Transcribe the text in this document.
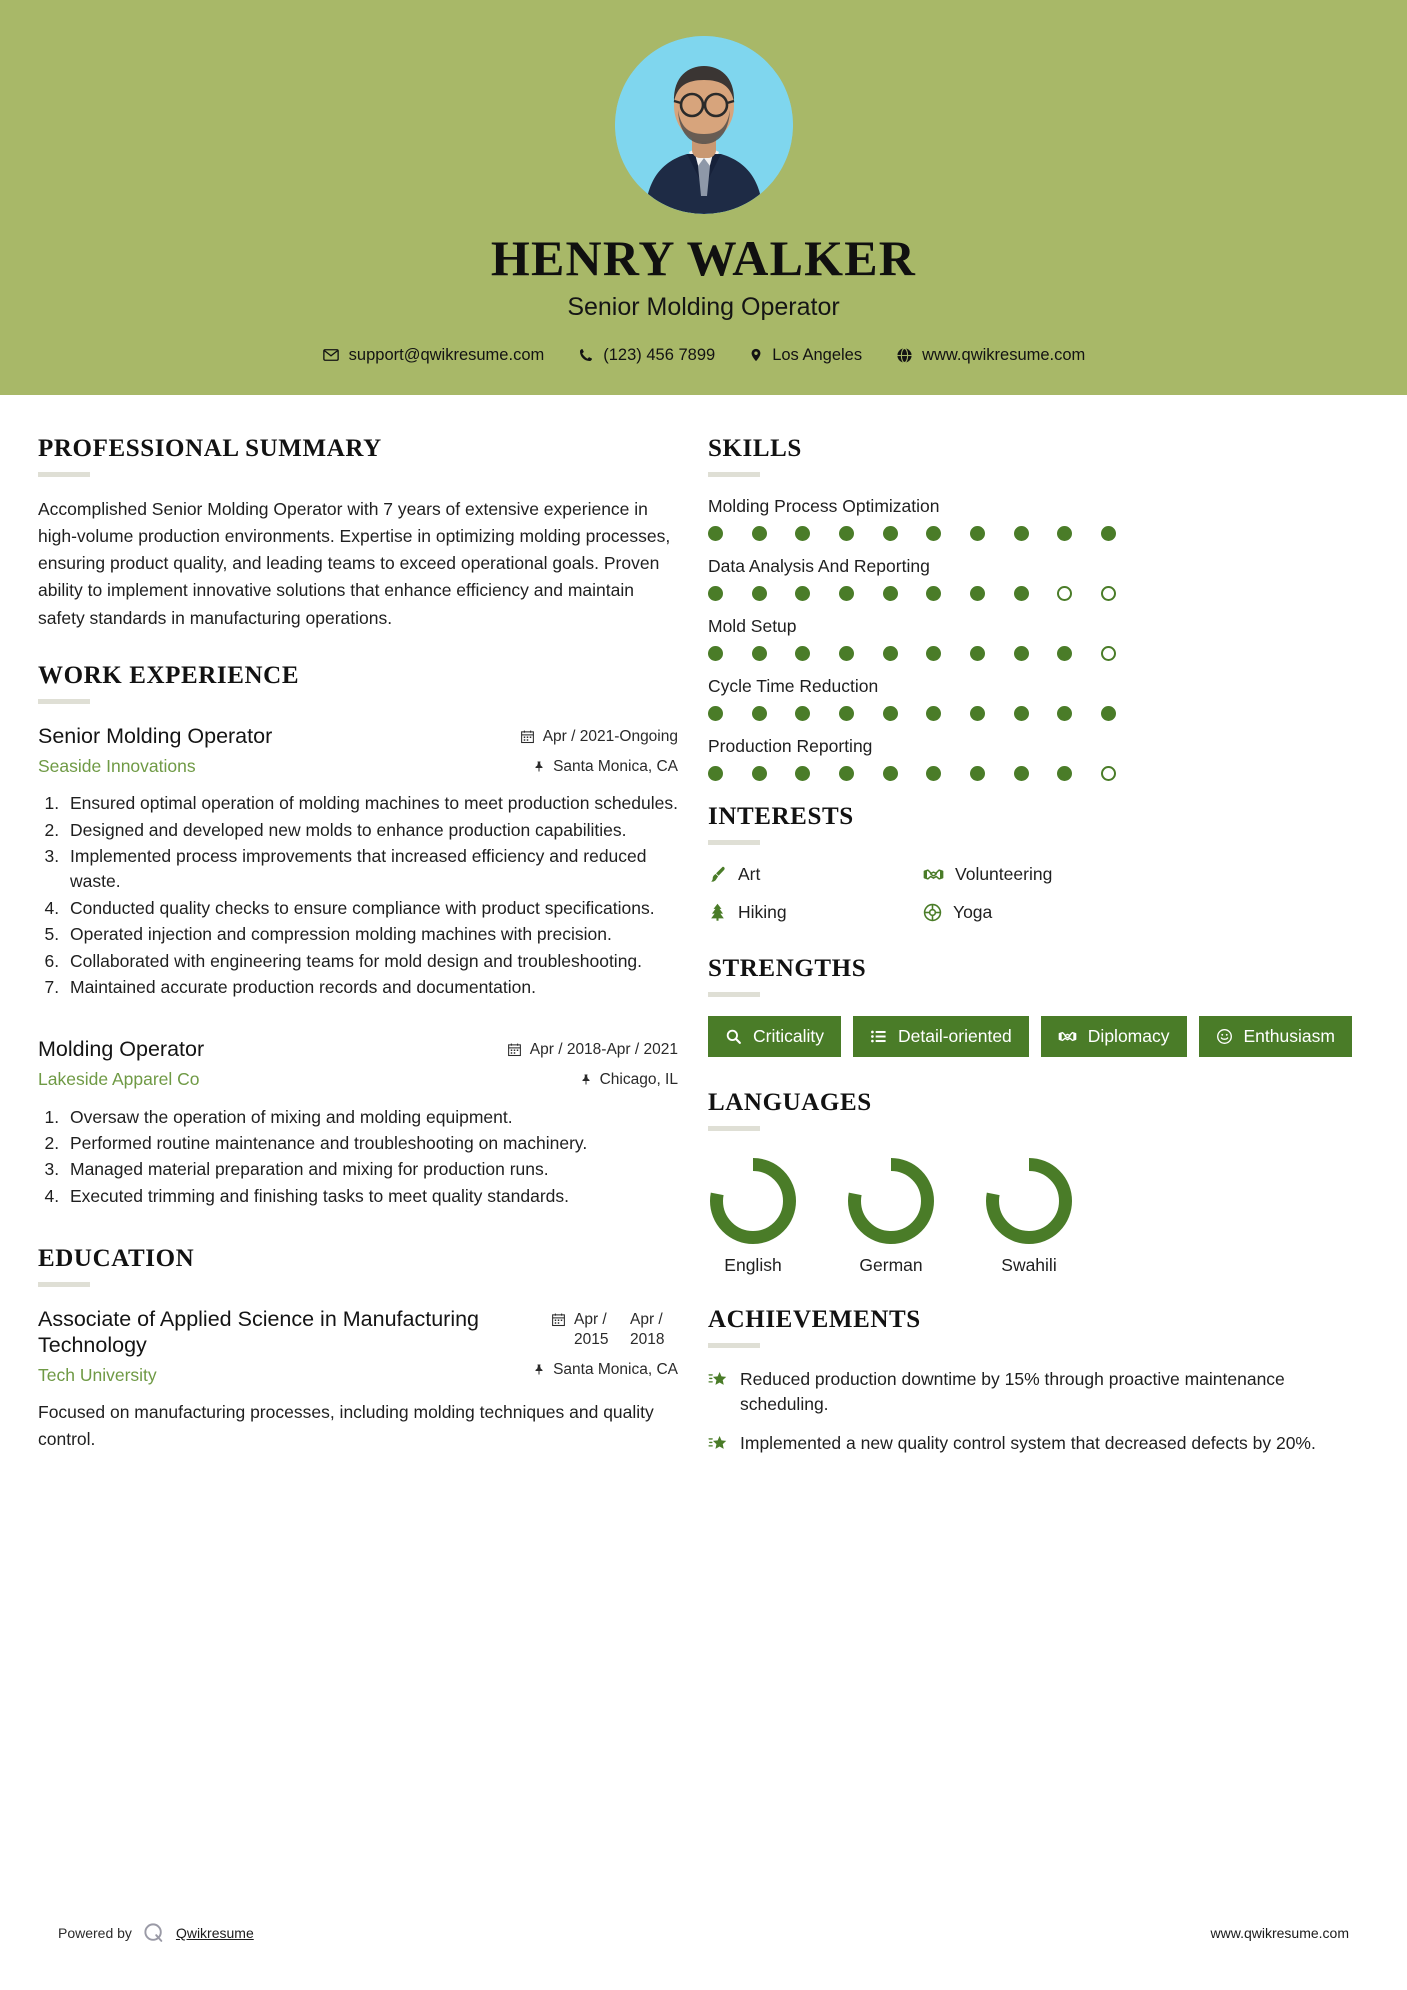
HENRY WALKER
Senior Molding Operator
support@qwikresume.com	(123) 456 7899	Los Angeles	www.qwikresume.com
PROFESSIONAL SUMMARY
Accomplished Senior Molding Operator with 7 years of extensive experience in high-volume production environments. Expertise in optimizing molding processes, ensuring product quality, and leading teams to exceed operational goals. Proven ability to implement innovative solutions that enhance efficiency and maintain safety standards in manufacturing operations.
WORK EXPERIENCE
Senior Molding Operator
Seaside Innovations
Apr / 2021-Ongoing
Santa Monica, CA
1. Ensured optimal operation of molding machines to meet production schedules.
2. Designed and developed new molds to enhance production capabilities.
3. Implemented process improvements that increased efficiency and reduced waste.
4. Conducted quality checks to ensure compliance with product specifications.
5. Operated injection and compression molding machines with precision.
6. Collaborated with engineering teams for mold design and troubleshooting.
7. Maintained accurate production records and documentation.
Molding Operator
Lakeside Apparel Co
Apr / 2018-Apr / 2021
Chicago, IL
1. Oversaw the operation of mixing and molding equipment.
2. Performed routine maintenance and troubleshooting on machinery.
3. Managed material preparation and mixing for production runs.
4. Executed trimming and finishing tasks to meet quality standards.
EDUCATION
Associate of Applied Science in Manufacturing Technology
Tech University
Apr / 2015
Apr / 2018
Santa Monica, CA
Focused on manufacturing processes, including molding techniques and quality control.
SKILLS
Molding Process Optimization
Data Analysis And Reporting
Mold Setup
Cycle Time Reduction
Production Reporting
INTERESTS
Art	Volunteering
Hiking	Yoga
STRENGTHS
Criticality	Detail-oriented	Diplomacy	Enthusiasm
LANGUAGES
English	German	Swahili
ACHIEVEMENTS
Reduced production downtime by 15% through proactive maintenance scheduling.
Implemented a new quality control system that decreased defects by 20%.
Powered by	Qwikresume	www.qwikresume.com
